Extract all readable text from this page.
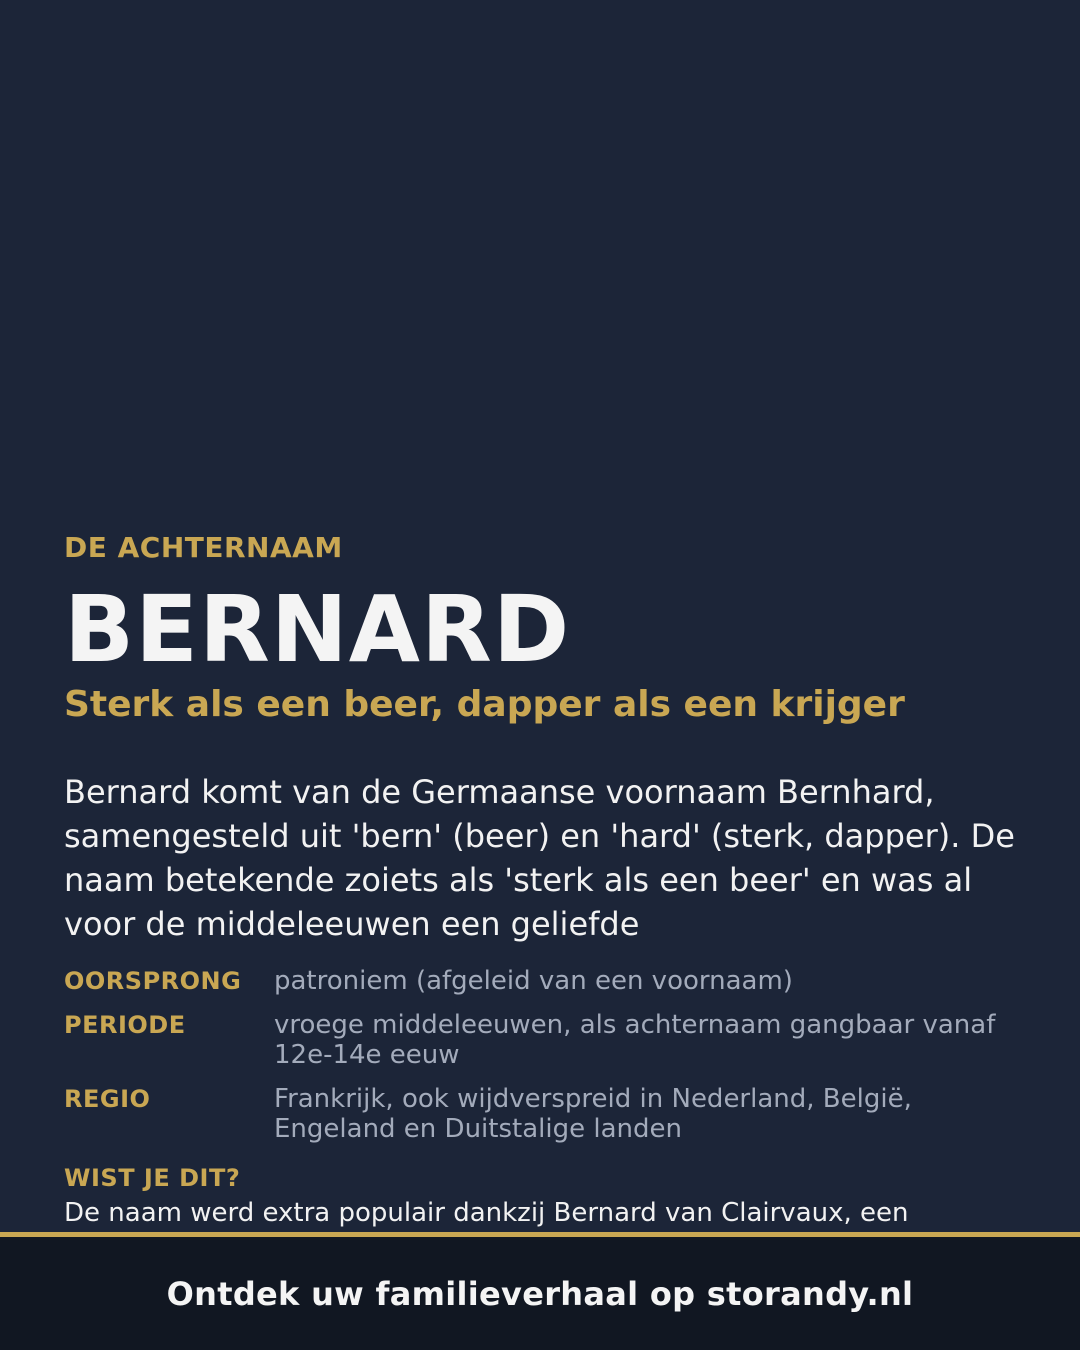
DE ACHTERNAAM

BERNARD

Sterk als een beer, dapper als een krijger

Bernard komt van de Germaanse voornaam Bernhard, samengesteld uit 'bern' (beer) en 'hard' (sterk, dapper). De naam betekende zoiets als 'sterk als een beer' en was al voor de middeleeuwen een geliefde

OORSPRONG	patroniem (afgeleid van een voornaam)
PERIODE	vroege middeleeuwen, als achternaam gangbaar vanaf 12e-14e eeuw
REGIO	Frankrijk, ook wijdverspreid in Nederland, België, Engeland en Duitstalige landen

WIST JE DIT?

De naam werd extra populair dankzij Bernard van Clairvaux, een

Ontdek uw familieverhaal op storandy.nl
